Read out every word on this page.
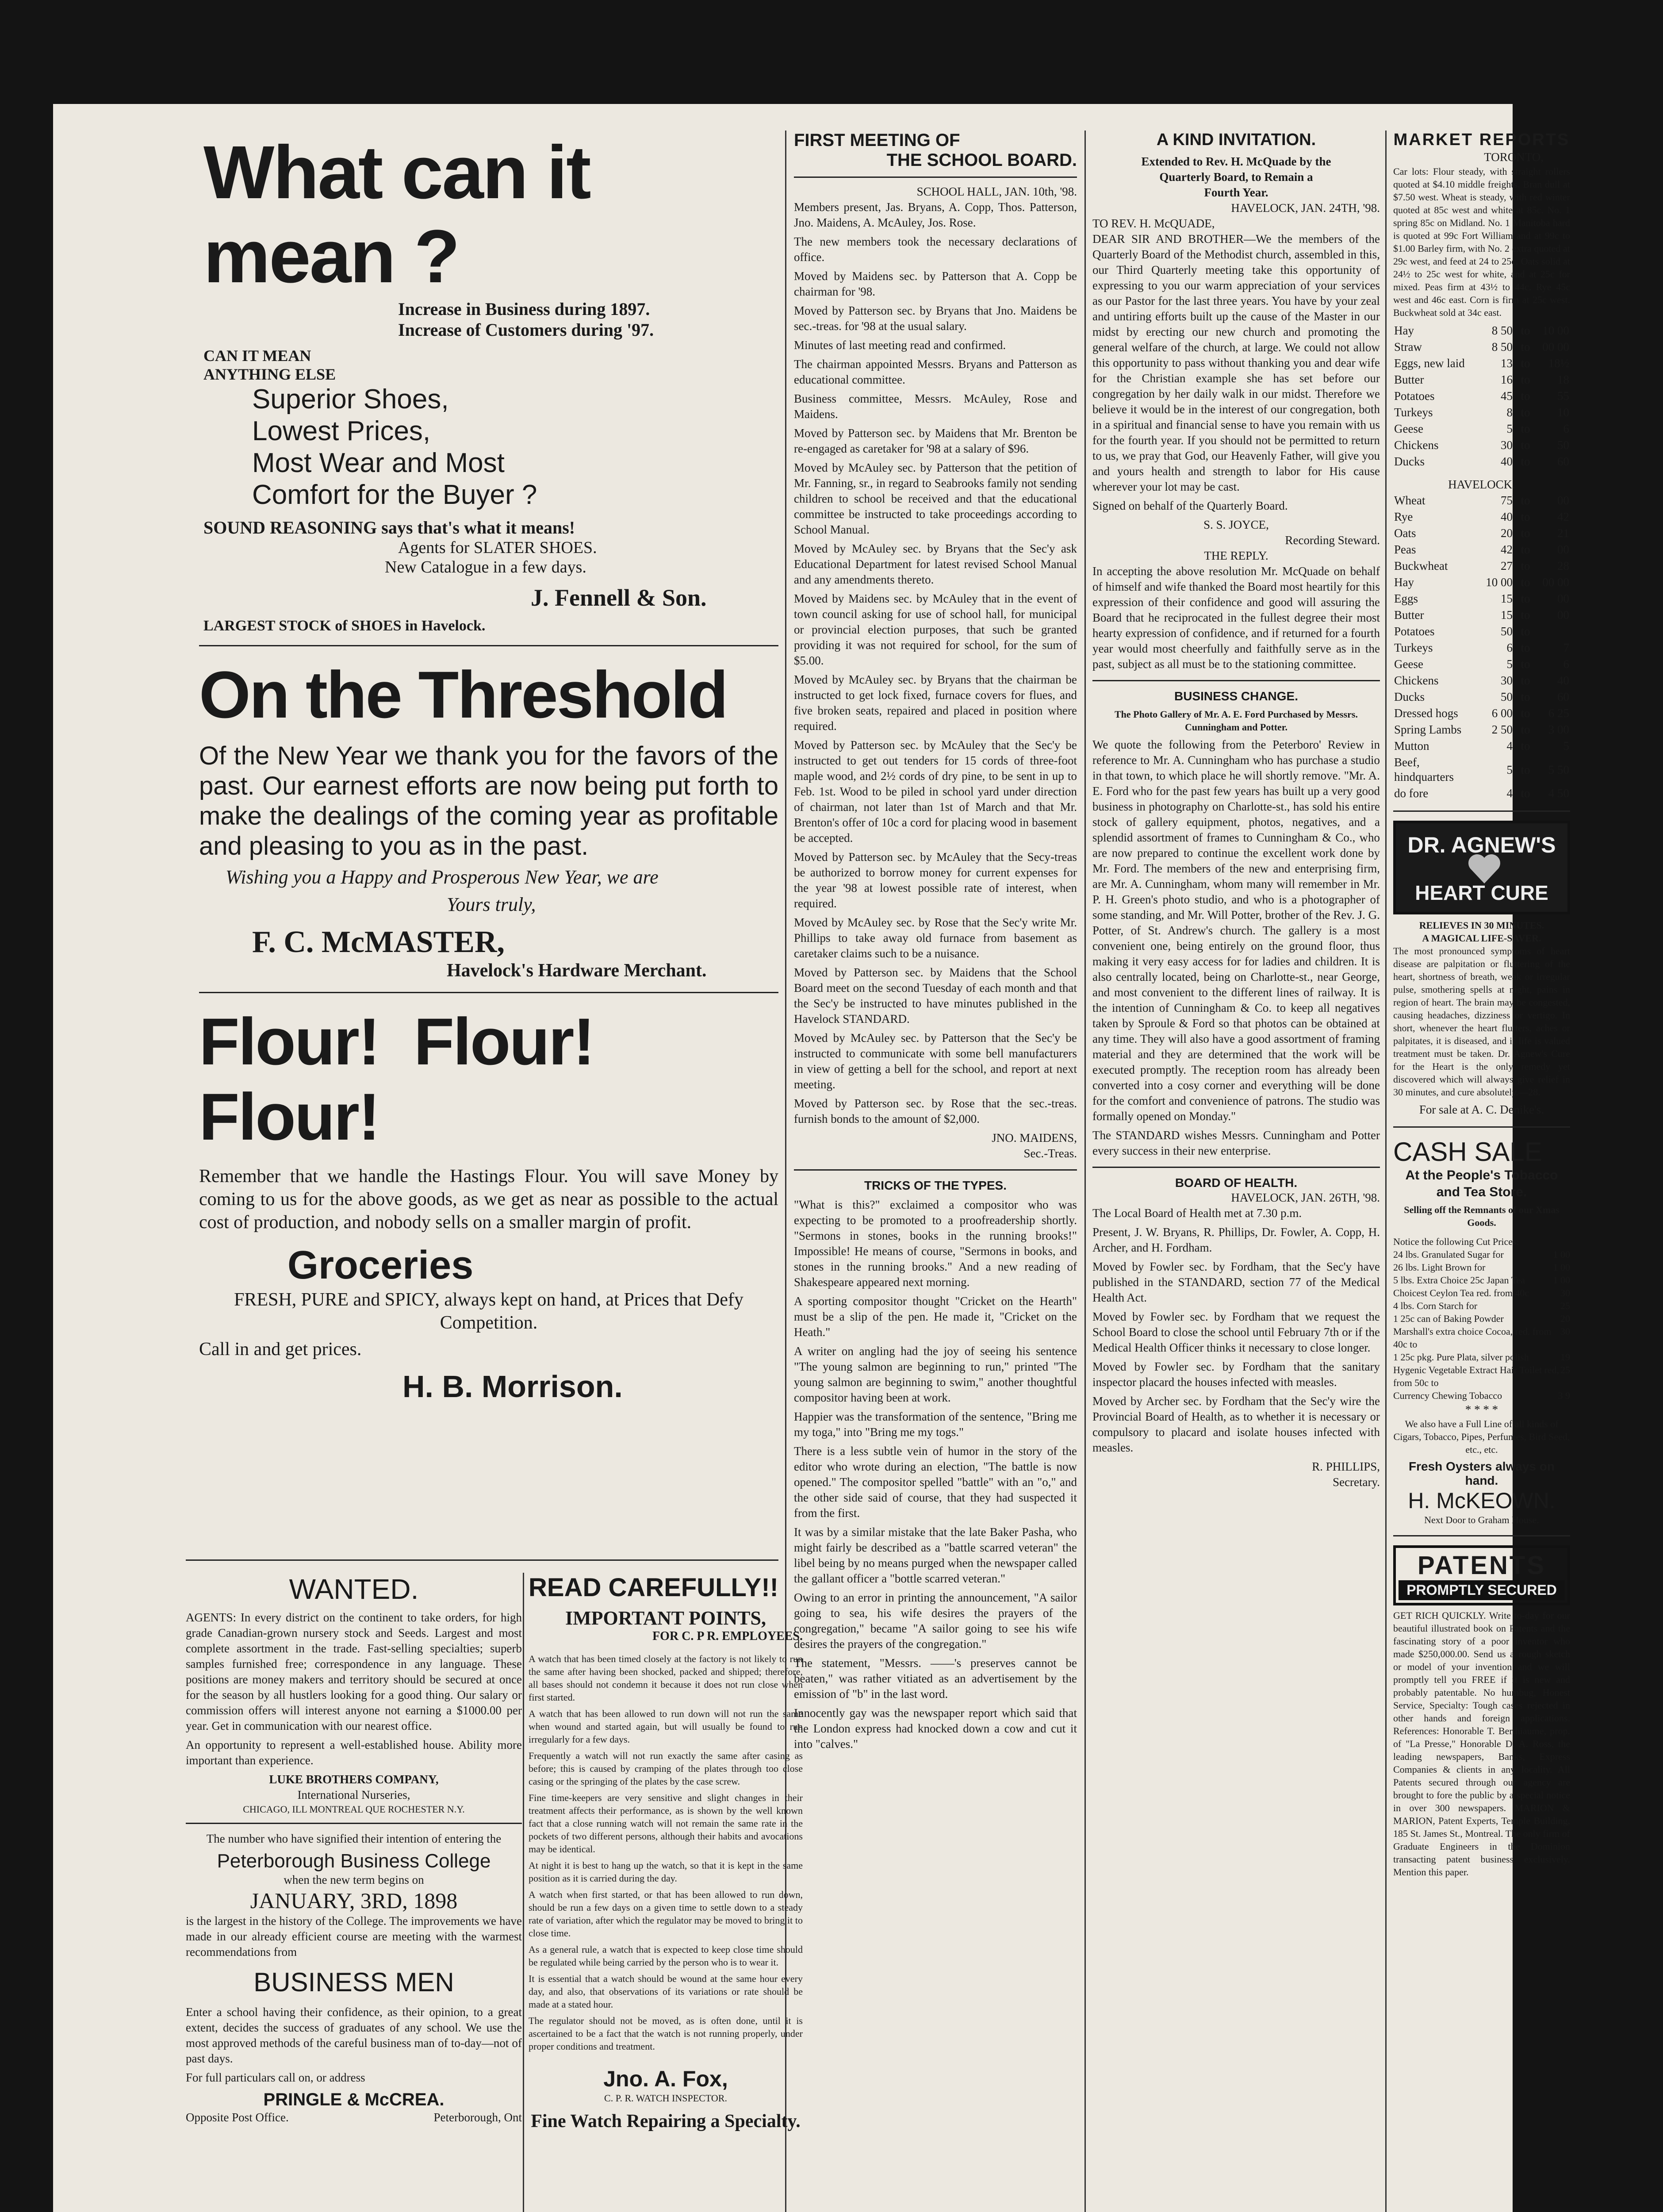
What can it mean ?
Increase in Business during 1897.
Increase of Customers during '97.
CAN IT MEAN
ANYTHING ELSE
Superior Shoes,
Lowest Prices,
Most Wear and Most
Comfort for the Buyer ?
SOUND REASONING says that's what it means!
Agents for SLATER SHOES.
New Catalogue in a few days.
J. Fennell & Son.
LARGEST STOCK of SHOES in Havelock.
On the Threshold

Of the New Year we thank you for the favors of the past. Our earnest efforts are now being put forth to make the dealings of the coming year as profitable and pleasing to you as in the past.

Wishing you a Happy and Prosperous New Year, we are

Yours truly,
F. C. McMASTER,
Havelock's Hardware Merchant.
Flour! Flour! Flour!

Remember that we handle the Hastings Flour. You will save Money by coming to us for the above goods, as we get as near as possible to the actual cost of production, and nobody sells on a smaller margin of profit.

Groceries

FRESH, PURE and SPICY, always kept on hand, at Prices that Defy Competition.

Call in and get prices.
H. B. Morrison.
WANTED.

AGENTS: In every district on the continent to take orders, for high grade Canadian-grown nursery stock and Seeds. Largest and most complete assortment in the trade. Fast-selling specialties; superb samples furnished free; correspondence in any language. These positions are money makers and territory should be secured at once for the season by all hustlers looking for a good thing. Our salary or commission offers will interest anyone not earning a $1000.00 per year. Get in communication with our nearest office.

An opportunity to represent a well-established house. Ability more important than experience.

LUKE BROTHERS COMPANY,
International Nurseries,
CHICAGO, ILL MONTREAL QUE ROCHESTER N.Y.

The number who have signified their intention of entering the

Peterborough Business College
when the new term begins on
JANUARY, 3RD, 1898

is the largest in the history of the College. The improvements we have made in our already efficient course are meeting with the warmest recommendations from

BUSINESS MEN

Enter a school having their confidence, as their opinion, to a great extent, decides the success of graduates of any school. We use the most approved methods of the careful business man of to-day—not of past days.

For full particulars call on, or address
PRINGLE & McCREA.
Opposite Post Office.	Peterborough, Ont
READ CAREFULLY!!
IMPORTANT POINTS,
FOR C. P R. EMPLOYEES.

A watch that has been timed closely at the factory is not likely to run the same after having been shocked, packed and shipped; therefore, all bases should not condemn it because it does not run close when first started.

A watch that has been allowed to run down will not run the same when wound and started again, but will usually be found to run irregularly for a few days.

Frequently a watch will not run exactly the same after casing as before; this is caused by cramping of the plates through too close casing or the springing of the plates by the case screw.

Fine time-keepers are very sensitive and slight changes in their treatment affects their performance, as is shown by the well known fact that a close running watch will not remain the same rate in the pockets of two different persons, although their habits and avocations may be identical.

At night it is best to hang up the watch, so that it is kept in the same position as it is carried during the day.

A watch when first started, or that has been allowed to run down, should be run a few days on a given time to settle down to a steady rate of variation, after which the regulator may be moved to bring it to close time.

As a general rule, a watch that is expected to keep close time should be regulated while being carried by the person who is to wear it.

It is essential that a watch should be wound at the same hour every day, and also, that observations of its variations or rate should be made at a stated hour.

The regulator should not be moved, as is often done, until it is ascertained to be a fact that the watch is not running properly, under proper conditions and treatment.

Jno. A. Fox,
C. P. R. WATCH INSPECTOR.
Fine Watch Repairing a Specialty.
FIRST MEETING OF
THE SCHOOL BOARD.
SCHOOL HALL, JAN. 10th, '98.

Members present, Jas. Bryans, A. Copp, Thos. Patterson, Jno. Maidens, A. McAuley, Jos. Rose.

The new members took the necessary declarations of office.

Moved by Maidens sec. by Patterson that A. Copp be chairman for '98.

Moved by Patterson sec. by Bryans that Jno. Maidens be sec.-treas. for '98 at the usual salary.

Minutes of last meeting read and confirmed.

The chairman appointed Messrs. Bryans and Patterson as educational committee.

Business committee, Messrs. McAuley, Rose and Maidens.

Moved by Patterson sec. by Maidens that Mr. Brenton be re-engaged as caretaker for '98 at a salary of $96.

Moved by McAuley sec. by Patterson that the petition of Mr. Fanning, sr., in regard to Seabrooks family not sending children to school be received and that the educational committee be instructed to take proceedings according to School Manual.

Moved by McAuley sec. by Bryans that the Sec'y ask Educational Department for latest revised School Manual and any amendments thereto.

Moved by Maidens sec. by McAuley that in the event of town council asking for use of school hall, for municipal or provincial election purposes, that such be granted providing it was not required for school, for the sum of $5.00.

Moved by McAuley sec. by Bryans that the chairman be instructed to get lock fixed, furnace covers for flues, and five broken seats, repaired and placed in position where required.

Moved by Patterson sec. by McAuley that the Sec'y be instructed to get out tenders for 15 cords of three-foot maple wood, and 2½ cords of dry pine, to be sent in up to Feb. 1st. Wood to be piled in school yard under direction of chairman, not later than 1st of March and that Mr. Brenton's offer of 10c a cord for placing wood in basement be accepted.

Moved by Patterson sec. by McAuley that the Secy-treas be authorized to borrow money for current expenses for the year '98 at lowest possible rate of interest, when required.

Moved by McAuley sec. by Rose that the Sec'y write Mr. Phillips to take away old furnace from basement as caretaker claims such to be a nuisance.

Moved by Patterson sec. by Maidens that the School Board meet on the second Tuesday of each month and that the Sec'y be instructed to have minutes published in the Havelock STANDARD.

Moved by McAuley sec. by Patterson that the Sec'y be instructed to communicate with some bell manufacturers in view of getting a bell for the school, and report at next meeting.

Moved by Patterson sec. by Rose that the sec.-treas. furnish bonds to the amount of $2,000.

JNO. MAIDENS,
Sec.-Treas.
TRICKS OF THE TYPES.

"What is this?" exclaimed a compositor who was expecting to be promoted to a proofreadership shortly. "Sermons in stones, books in the running brooks!" Impossible! He means of course, "Sermons in books, and stones in the running brooks." And a new reading of Shakespeare appeared next morning.

A sporting compositor thought "Cricket on the Hearth" must be a slip of the pen. He made it, "Cricket on the Heath."

A writer on angling had the joy of seeing his sentence "The young salmon are beginning to run," printed "The young salmon are beginning to swim," another thoughtful compositor having been at work.

Happier was the transformation of the sentence, "Bring me my toga," into "Bring me my togs."

There is a less subtle vein of humor in the story of the editor who wrote during an election, "The battle is now opened." The compositor spelled "battle" with an "o," and the other side said of course, that they had suspected it from the first.

It was by a similar mistake that the late Baker Pasha, who might fairly be described as a "battle scarred veteran" the libel being by no means purged when the newspaper called the gallant officer a "bottle scarred veteran."

Owing to an error in printing the announcement, "A sailor going to sea, his wife desires the prayers of the congregation," became "A sailor going to see his wife desires the prayers of the congregation."

The statement, "Messrs. ——'s preserves cannot be beaten," was rather vitiated as an advertisement by the emission of "b" in the last word.

Innocently gay was the newspaper report which said that the London express had knocked down a cow and cut it into "calves."

A KIND INVITATION.
Extended to Rev. H. McQuade by the
Quarterly Board, to Remain a
Fourth Year.
HAVELOCK, JAN. 24TH, '98.
TO REV. H. McQUADE,

DEAR SIR AND BROTHER—We the members of the Quarterly Board of the Methodist church, assembled in this, our Third Quarterly meeting take this opportunity of expressing to you our warm appreciation of your services as our Pastor for the last three years. You have by your zeal and untiring efforts built up the cause of the Master in our midst by erecting our new church and promoting the general welfare of the church, at large. We could not allow this opportunity to pass without thanking you and dear wife for the Christian example she has set before our congregation by her daily walk in our midst. Therefore we believe it would be in the interest of our congregation, both in a spiritual and financial sense to have you remain with us for the fourth year. If you should not be permitted to return to us, we pray that God, our Heavenly Father, will give you and yours health and strength to labor for His cause wherever your lot may be cast.

Signed on behalf of the Quarterly Board.

S. S. JOYCE,
Recording Steward.
THE REPLY.

In accepting the above resolution Mr. McQuade on behalf of himself and wife thanked the Board most heartily for this expression of their confidence and good will assuring the Board that he reciprocated in the fullest degree their most hearty expression of confidence, and if returned for a fourth year would most cheerfully and faithfully serve as in the past, subject as all must be to the stationing committee.

BUSINESS CHANGE.

The Photo Gallery of Mr. A. E. Ford Purchased by Messrs. Cunningham and Potter.

We quote the following from the Peterboro' Review in reference to Mr. A. Cunningham who has purchase a studio in that town, to which place he will shortly remove. "Mr. A. E. Ford who for the past few years has built up a very good business in photography on Charlotte-st., has sold his entire stock of gallery equipment, photos, negatives, and a splendid assortment of frames to Cunningham & Co., who are now prepared to continue the excellent work done by Mr. Ford. The members of the new and enterprising firm, are Mr. A. Cunningham, whom many will remember in Mr. P. H. Green's photo studio, and who is a photographer of some standing, and Mr. Will Potter, brother of the Rev. J. G. Potter, of St. Andrew's church. The gallery is a most convenient one, being entirely on the ground floor, thus making it very easy access for for ladies and children. It is also centrally located, being on Charlotte-st., near George, and most convenient to the different lines of railway. It is the intention of Cunningham & Co. to keep all negatives taken by Sproule & Ford so that photos can be obtained at any time. They will also have a good assortment of framing material and they are determined that the work will be executed promptly. The reception room has already been converted into a cosy corner and everything will be done for the comfort and convenience of patrons. The studio was formally opened on Monday."

The STANDARD wishes Messrs. Cunningham and Potter every success in their new enterprise.

BOARD OF HEALTH.
HAVELOCK, JAN. 26TH, '98.

The Local Board of Health met at 7.30 p.m.

Present, J. W. Bryans, R. Phillips, Dr. Fowler, A. Copp, H. Archer, and H. Fordham.

Moved by Fowler sec. by Fordham, that the Sec'y have published in the STANDARD, section 77 of the Medical Health Act.

Moved by Fowler sec. by Fordham that we request the School Board to close the school until February 7th or if the Medical Health Officer thinks it necessary to close longer.

Moved by Fowler sec. by Fordham that the sanitary inspector placard the houses infected with measles.

Moved by Archer sec. by Fordham that the Sec'y wire the Provincial Board of Health, as to whether it is necessary or compulsory to placard and isolate houses infected with measles.

R. PHILLIPS,
Secretary.
MARKET REPORTS
TORONTO,

Car lots: Flour steady, with straight rollers quoted at $4.10 middle freights. Bran dull at $7.50 west. Wheat is steady, with red winter quoted at 85c west and white at 85c. No. 1 spring 85c on Midland. No. 1 Manitoba hard is quoted at 99c Fort William and at 99c to $1.00 Barley firm, with No. 2 extra quoted at 29c west, and feed at 24 to 25c. Oats solid at 24½ to 25c west for white, and at 25c for mixed. Peas firm at 43½ to 44c. Rye 45c west and 46c east. Corn is firm at 25c west. Buckwheat sold at 34c east.

Hay	8 50	to	10 00
Straw	8 50	to	00 00
Eggs, new laid	13	to	18½
Butter	16	to	18
Potatoes	45	to	55
Turkeys	8	to	10
Geese	5	to	6
Chickens	30	to	50
Ducks	40	to	60
HAVELOCK.
Wheat	75	to	00
Rye	40	to	42
Oats	20	to	21
Peas	42	to	00
Buckwheat	27	to	28
Hay	10 00	to	00 00
Eggs	15	to	00
Butter	15	to	00
Potatoes	50	to	
Turkeys	6	to	7
Geese	5	to	6
Chickens	30	to	40
Ducks	50	to	60
Dressed hogs	6 00	to	6 25
Spring Lambs	2 50	to	3 00
Mutton	4	to	5
Beef, hindquarters	5	to	5 50
do fore	4	to	4 50
DR. AGNEW'S
HEART CURE
RELIEVES IN 30 MINUTES.
A MAGICAL LIFE-SAVER.

The most pronounced symptoms of heart disease are palpitation or fluttering of the heart, shortness of breath, weak or irregular pulse, smothering spells at night, pains in region of heart. The brain may be congested, causing headaches, dizziness or vertigo. In short, whenever the heart flutters, aches or palpitates, it is diseased, and if life is valued treatment must be taken. Dr. Agnew's Cure for the Heart is the only remedy yet discovered which will always give relief in 30 minutes, and cure absolutely.—28.

For sale at A. C. Denike's.
CASH SALE
At the People's Tobacco and Tea Store.
Selling off the Remnants of our Xmas Goods.
Notice the following Cut Prices:
24 lbs. Granulated Sugar for	1 00
26 lbs. Light Brown for	1 00
5 lbs. Extra Choice 25c Japan Tea	1 00
Choicest Ceylon Tea red. from 40c	30
4 lbs. Corn Starch for	25
1 25c can of Baking Powder	20
Marshall's extra choice Cocoa, red. from 40c to
30
1 25c pkg. Pure Plata, silver polish	19
Hygenic Vegetable Extract Hair Toilet red, from 50c to
25
Currency Chewing Tobacco	3 9
* * * *

We also have a Full Line of all kinds of Cigars, Tobacco, Pipes, Perfumes, Bird Seed, etc., etc.

Fresh Oysters always on hand.
H. McKEOWN.
Next Door to Graham House.
PATENTS
PROMPTLY SECURED

GET RICH QUICKLY. Write to-day for our beautiful illustrated book on Patents and the fascinating story of a poor inventor who made $250,000.00. Send us a rough sketch or model of your invention and we will promptly tell you FREE if it is new and probably patentable. No humbug, Honest Service, Specialty: Tough cases rejected in other hands and foreign applications. References: Honorable T. Berthiaume, prop. of "La Presse," Honorable D. A. Ross, the leading newspapers, Banks, Express Companies & clients in any locality. All Patents secured through our agency are brought to fore the public by a special notice in over 300 newspapers. MARION & MARION, Patent Experts, Temple Building, 185 St. James St., Montreal. The only firm of Graduate Engineers in the Dominion transacting patent business exclusively. Mention this paper.
